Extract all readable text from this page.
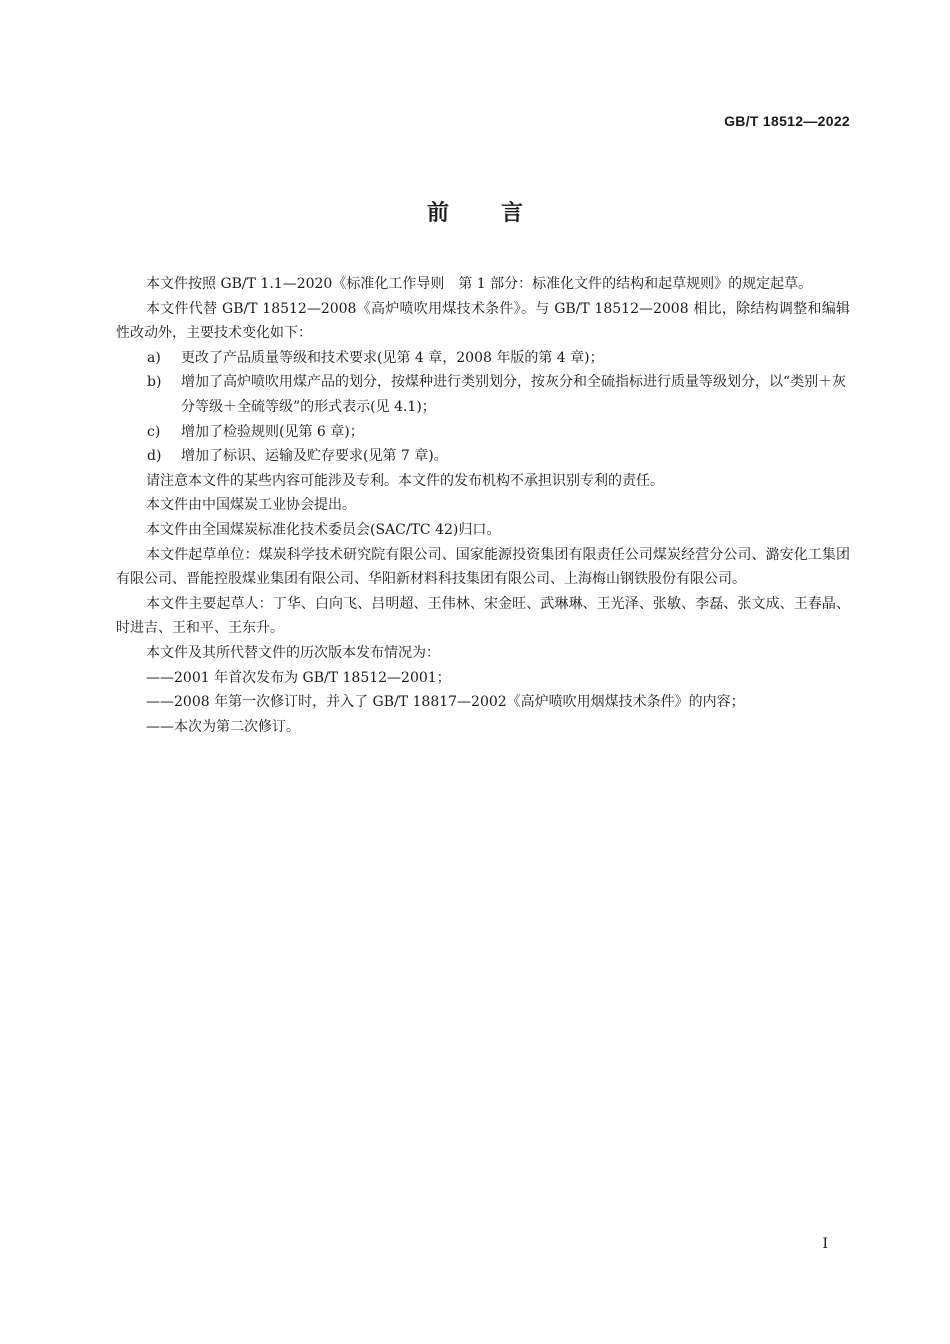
GB/T 18512—2022
前言

本文件按照 GB/T 1.1—2020《标准化工作导则　第 1 部分：标准化文件的结构和起草规则》的规定起草。

本文件代替 GB/T 18512—2008《高炉喷吹用煤技术条件》。与 GB/T 18512—2008 相比，除结构调整和编辑性改动外，主要技术变化如下：

a) 更改了产品质量等级和技术要求(见第 4 章，2008 年版的第 4 章)；
b) 增加了高炉喷吹用煤产品的划分，按煤种进行类别划分，按灰分和全硫指标进行质量等级划分，以“类别＋灰分等级＋全硫等级”的形式表示(见 4.1)；
c) 增加了检验规则(见第 6 章)；
d) 增加了标识、运输及贮存要求(见第 7 章)。

请注意本文件的某些内容可能涉及专利。本文件的发布机构不承担识别专利的责任。

本文件由中国煤炭工业协会提出。

本文件由全国煤炭标准化技术委员会(SAC/TC 42)归口。

本文件起草单位：煤炭科学技术研究院有限公司、国家能源投资集团有限责任公司煤炭经营分公司、潞安化工集团有限公司、晋能控股煤业集团有限公司、华阳新材料科技集团有限公司、上海梅山钢铁股份有限公司。

本文件主要起草人：丁华、白向飞、吕明超、王伟林、宋金旺、武琳琳、王光泽、张敏、李磊、张文成、王春晶、时进吉、王和平、王东升。

本文件及其所代替文件的历次版本发布情况为：

——2001 年首次发布为 GB/T 18512—2001；

——2008 年第一次修订时，并入了 GB/T 18817—2002《高炉喷吹用烟煤技术条件》的内容；

——本次为第二次修订。

I
